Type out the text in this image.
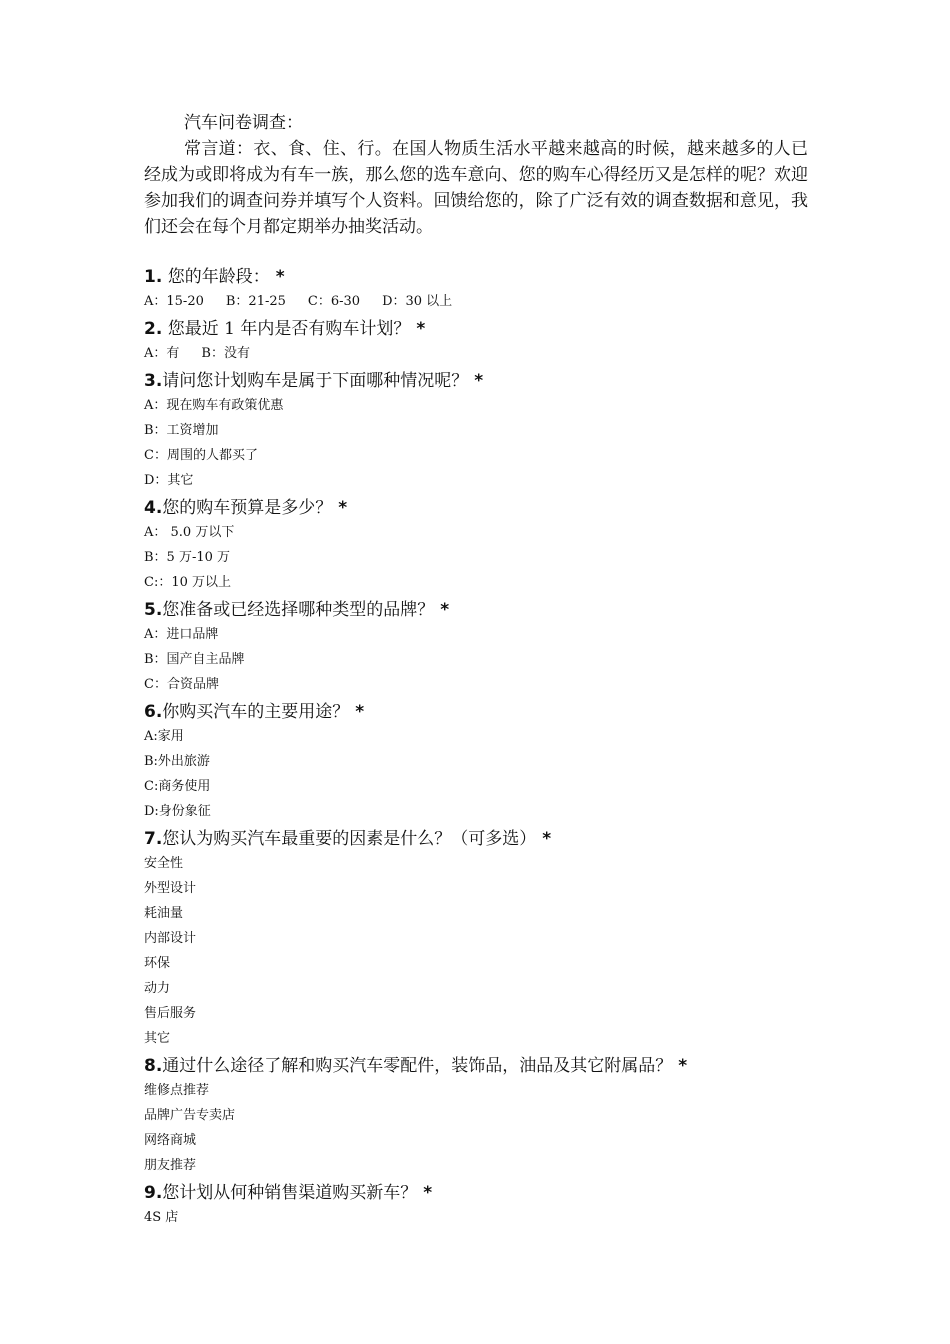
汽车问卷调查：

常言道：衣、食、住、行。在国人物质生活水平越来越高的时候，越来越多的人已经成为或即将成为有车一族，那么您的选车意向、您的购车心得经历又是怎样的呢？欢迎参加我们的调查问券并填写个人资料。回馈给您的，除了广泛有效的调查数据和意见，我们还会在每个月都定期举办抽奖活动。

1. 您的年龄段： *

A：15-20 B：21-25 C：6-30 D：30 以上

2. 您最近 1 年内是否有购车计划？ *

A：有 B：没有

3.请问您计划购车是属于下面哪种情况呢？ *

A：现在购车有政策优惠
B：工资增加
C：周围的人都买了
D：其它

4.您的购车预算是多少？ *

A： 5.0 万以下
B：5 万-10 万
C:：10 万以上

5.您准备或已经选择哪种类型的品牌？ *

A：进口品牌
B：国产自主品牌
C：合资品牌

6.你购买汽车的主要用途？ *

A:家用
B:外出旅游
C:商务使用
D:身份象征

7.您认为购买汽车最重要的因素是什么？（可多选） *

安全性
外型设计
耗油量
内部设计
环保
动力
售后服务
其它

8.通过什么途径了解和购买汽车零配件，装饰品，油品及其它附属品？ *

维修点推荐
品牌广告专卖店
网络商城
朋友推荐

9.您计划从何种销售渠道购买新车？ *

4S 店
